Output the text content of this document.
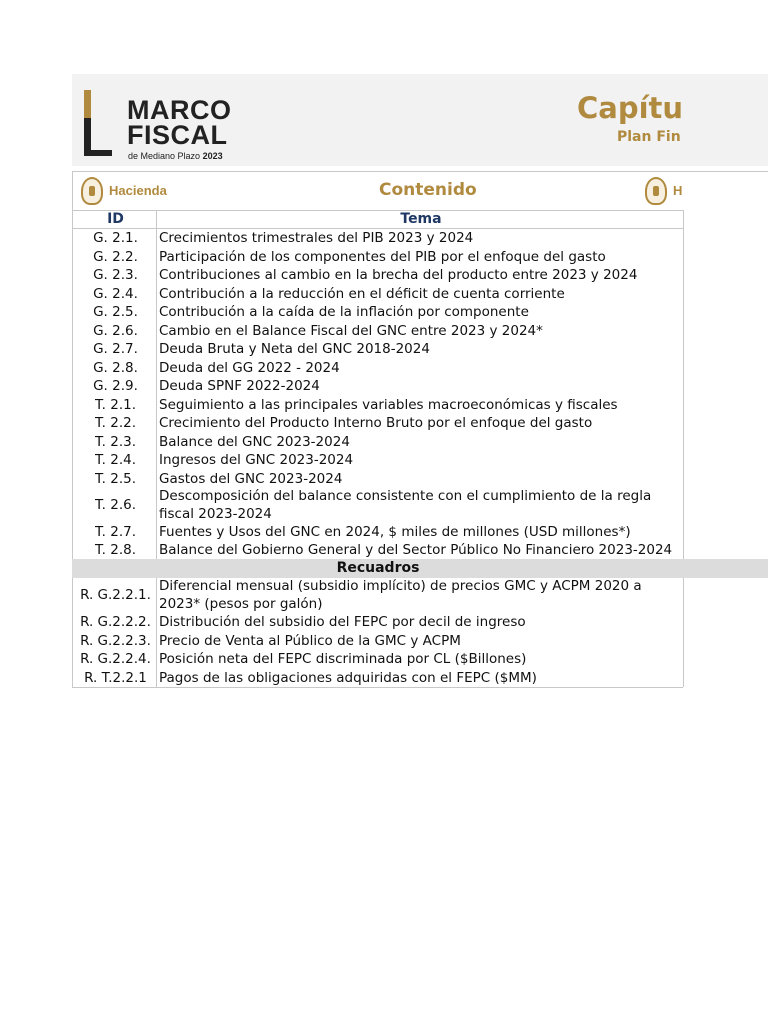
MARCO
FISCAL
de Mediano Plazo 2023
Capítu
Plan Fin
Hacienda	Contenido	H
ID	Tema
G. 2.1.	Crecimientos trimestrales del PIB 2023 y 2024
G. 2.2.	Participación de los componentes del PIB por el enfoque del gasto
G. 2.3.	Contribuciones al cambio en la brecha del producto entre 2023 y 2024
G. 2.4.	Contribución a la reducción en el déficit de cuenta corriente
G. 2.5.	Contribución a la caída de la inflación por componente
G. 2.6.	Cambio en el Balance Fiscal del GNC entre 2023 y 2024*
G. 2.7.	Deuda Bruta y Neta del GNC 2018-2024
G. 2.8.	Deuda del GG 2022 - 2024
G. 2.9.	Deuda SPNF 2022-2024
T. 2.1.	Seguimiento a las principales variables macroeconómicas y fiscales
T. 2.2.	Crecimiento del Producto Interno Bruto por el enfoque del gasto
T. 2.3.	Balance del GNC 2023-2024
T. 2.4.	Ingresos del GNC 2023-2024
T. 2.5.	Gastos del GNC 2023-2024
T. 2.6.	Descomposición del balance consistente con el cumplimiento de la regla fiscal 2023-2024
T. 2.7.	Fuentes y Usos del GNC en 2024, $ miles de millones (USD millones*)
T. 2.8.	Balance del Gobierno General y del Sector Público No Financiero 2023-2024
Recuadros
R. G.2.2.1.	Diferencial mensual (subsidio implícito) de precios GMC y ACPM 2020 a 2023* (pesos por galón)
R. G.2.2.2.	Distribución del subsidio del FEPC por decil de ingreso
R. G.2.2.3.	Precio de Venta al Público de la GMC y ACPM
R. G.2.2.4.	Posición neta del FEPC discriminada por CL ($Billones)
R. T.2.2.1	Pagos de las obligaciones adquiridas con el FEPC ($MM)
